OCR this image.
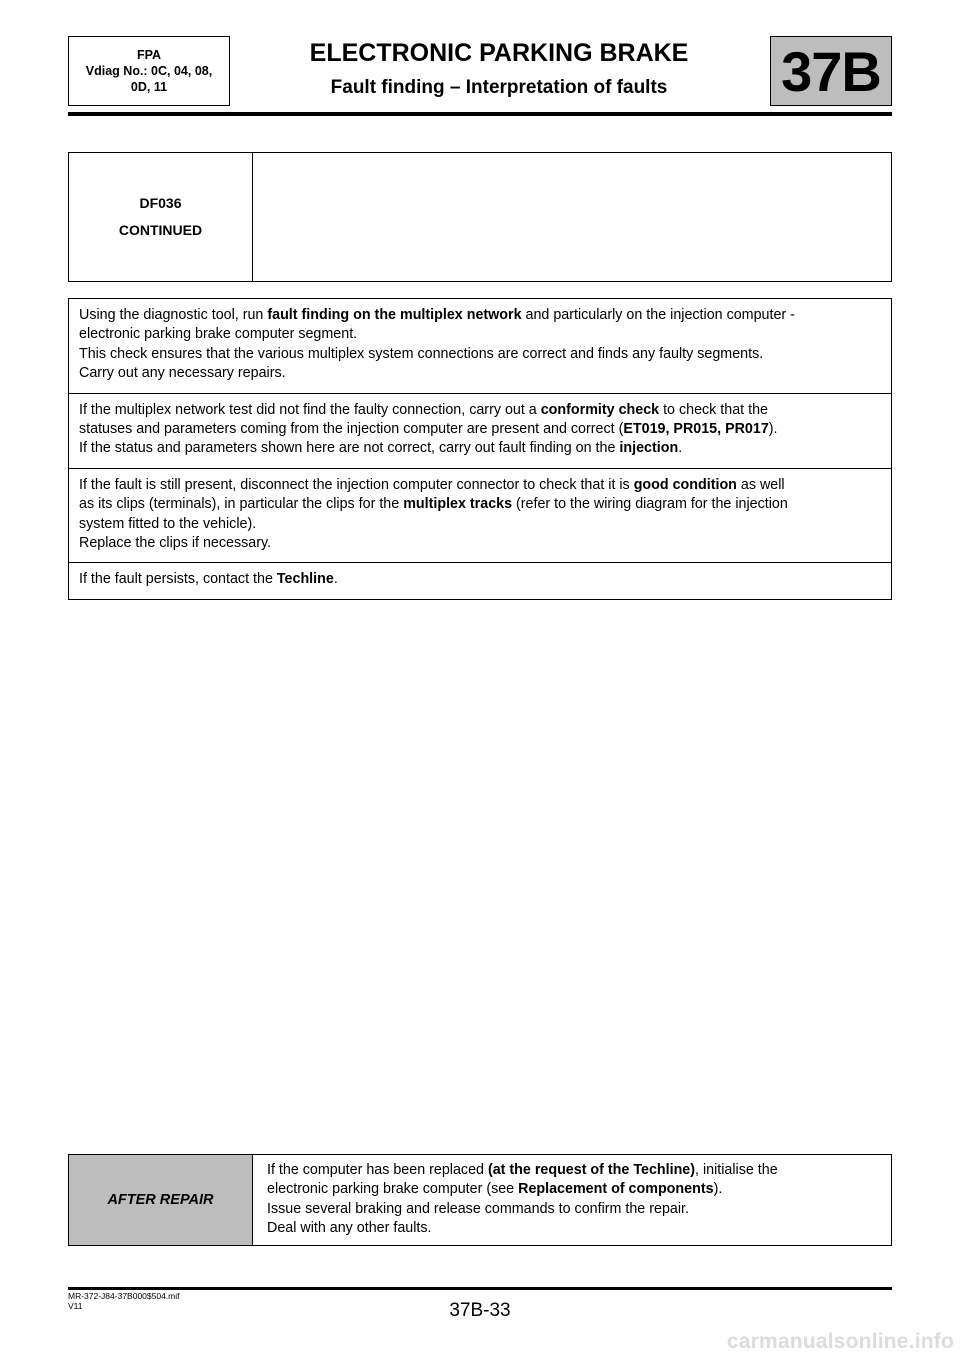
FPA
Vdiag No.: 0C, 04, 08,
0D, 11
ELECTRONIC PARKING BRAKE
Fault finding – Interpretation of faults	37B
DF036
CONTINUED
Using the diagnostic tool, run fault finding on the multiplex network and particularly on the injection computer -
electronic parking brake computer segment.
This check ensures that the various multiplex system connections are correct and finds any faulty segments.
Carry out any necessary repairs.
If the multiplex network test did not find the faulty connection, carry out a conformity check to check that the
statuses and parameters coming from the injection computer are present and correct (ET019, PR015, PR017).
If the status and parameters shown here are not correct, carry out fault finding on the injection.
If the fault is still present, disconnect the injection computer connector to check that it is good condition as well
as its clips (terminals), in particular the clips for the multiplex tracks (refer to the wiring diagram for the injection
system fitted to the vehicle).
Replace the clips if necessary.
If the fault persists, contact the Techline.
AFTER REPAIR
If the computer has been replaced (at the request of the Techline), initialise the
electronic parking brake computer (see Replacement of components).
Issue several braking and release commands to confirm the repair.
Deal with any other faults.
MR-372-J84-37B000$504.mif
V11	37B-33
carmanualsonline.info
